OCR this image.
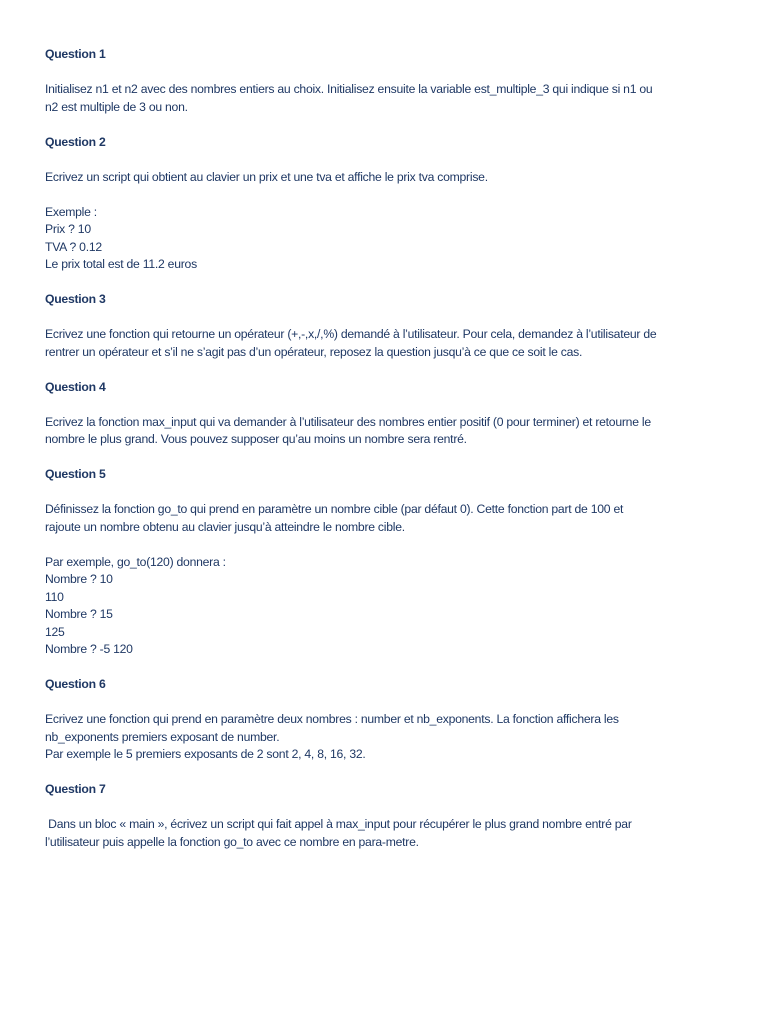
Question 1
Initialisez n1 et n2 avec des nombres entiers au choix. Initialisez ensuite la variable est_multiple_3 qui indique si n1 ou
n2 est multiple de 3 ou non.
Question 2
Ecrivez un script qui obtient au clavier un prix et une tva et affiche le prix tva comprise.
Exemple :
Prix ? 10
TVA ? 0.12
Le prix total est de 11.2 euros
Question 3
Ecrivez une fonction qui retourne un opérateur (+,-,x,/,%) demandé à l’utilisateur. Pour cela, demandez à l’utilisateur de
rentrer un opérateur et s’il ne s’agit pas d’un opérateur, reposez la question jusqu’à ce que ce soit le cas.
Question 4
Ecrivez la fonction max_input qui va demander à l’utilisateur des nombres entier positif (0 pour terminer) et retourne le
nombre le plus grand. Vous pouvez supposer qu’au moins un nombre sera rentré.
Question 5
Définissez la fonction go_to qui prend en paramètre un nombre cible (par défaut 0). Cette fonction part de 100 et
rajoute un nombre obtenu au clavier jusqu’à atteindre le nombre cible.
Par exemple, go_to(120) donnera :
Nombre ? 10
110
Nombre ? 15
125
Nombre ? -5 120
Question 6
Ecrivez une fonction qui prend en paramètre deux nombres : number et nb_exponents. La fonction affichera les
nb_exponents premiers exposant de number.
Par exemple le 5 premiers exposants de 2 sont 2, 4, 8, 16, 32.
Question 7
Dans un bloc « main », écrivez un script qui fait appel à max_input pour récupérer le plus grand nombre entré par
l’utilisateur puis appelle la fonction go_to avec ce nombre en para-metre.
